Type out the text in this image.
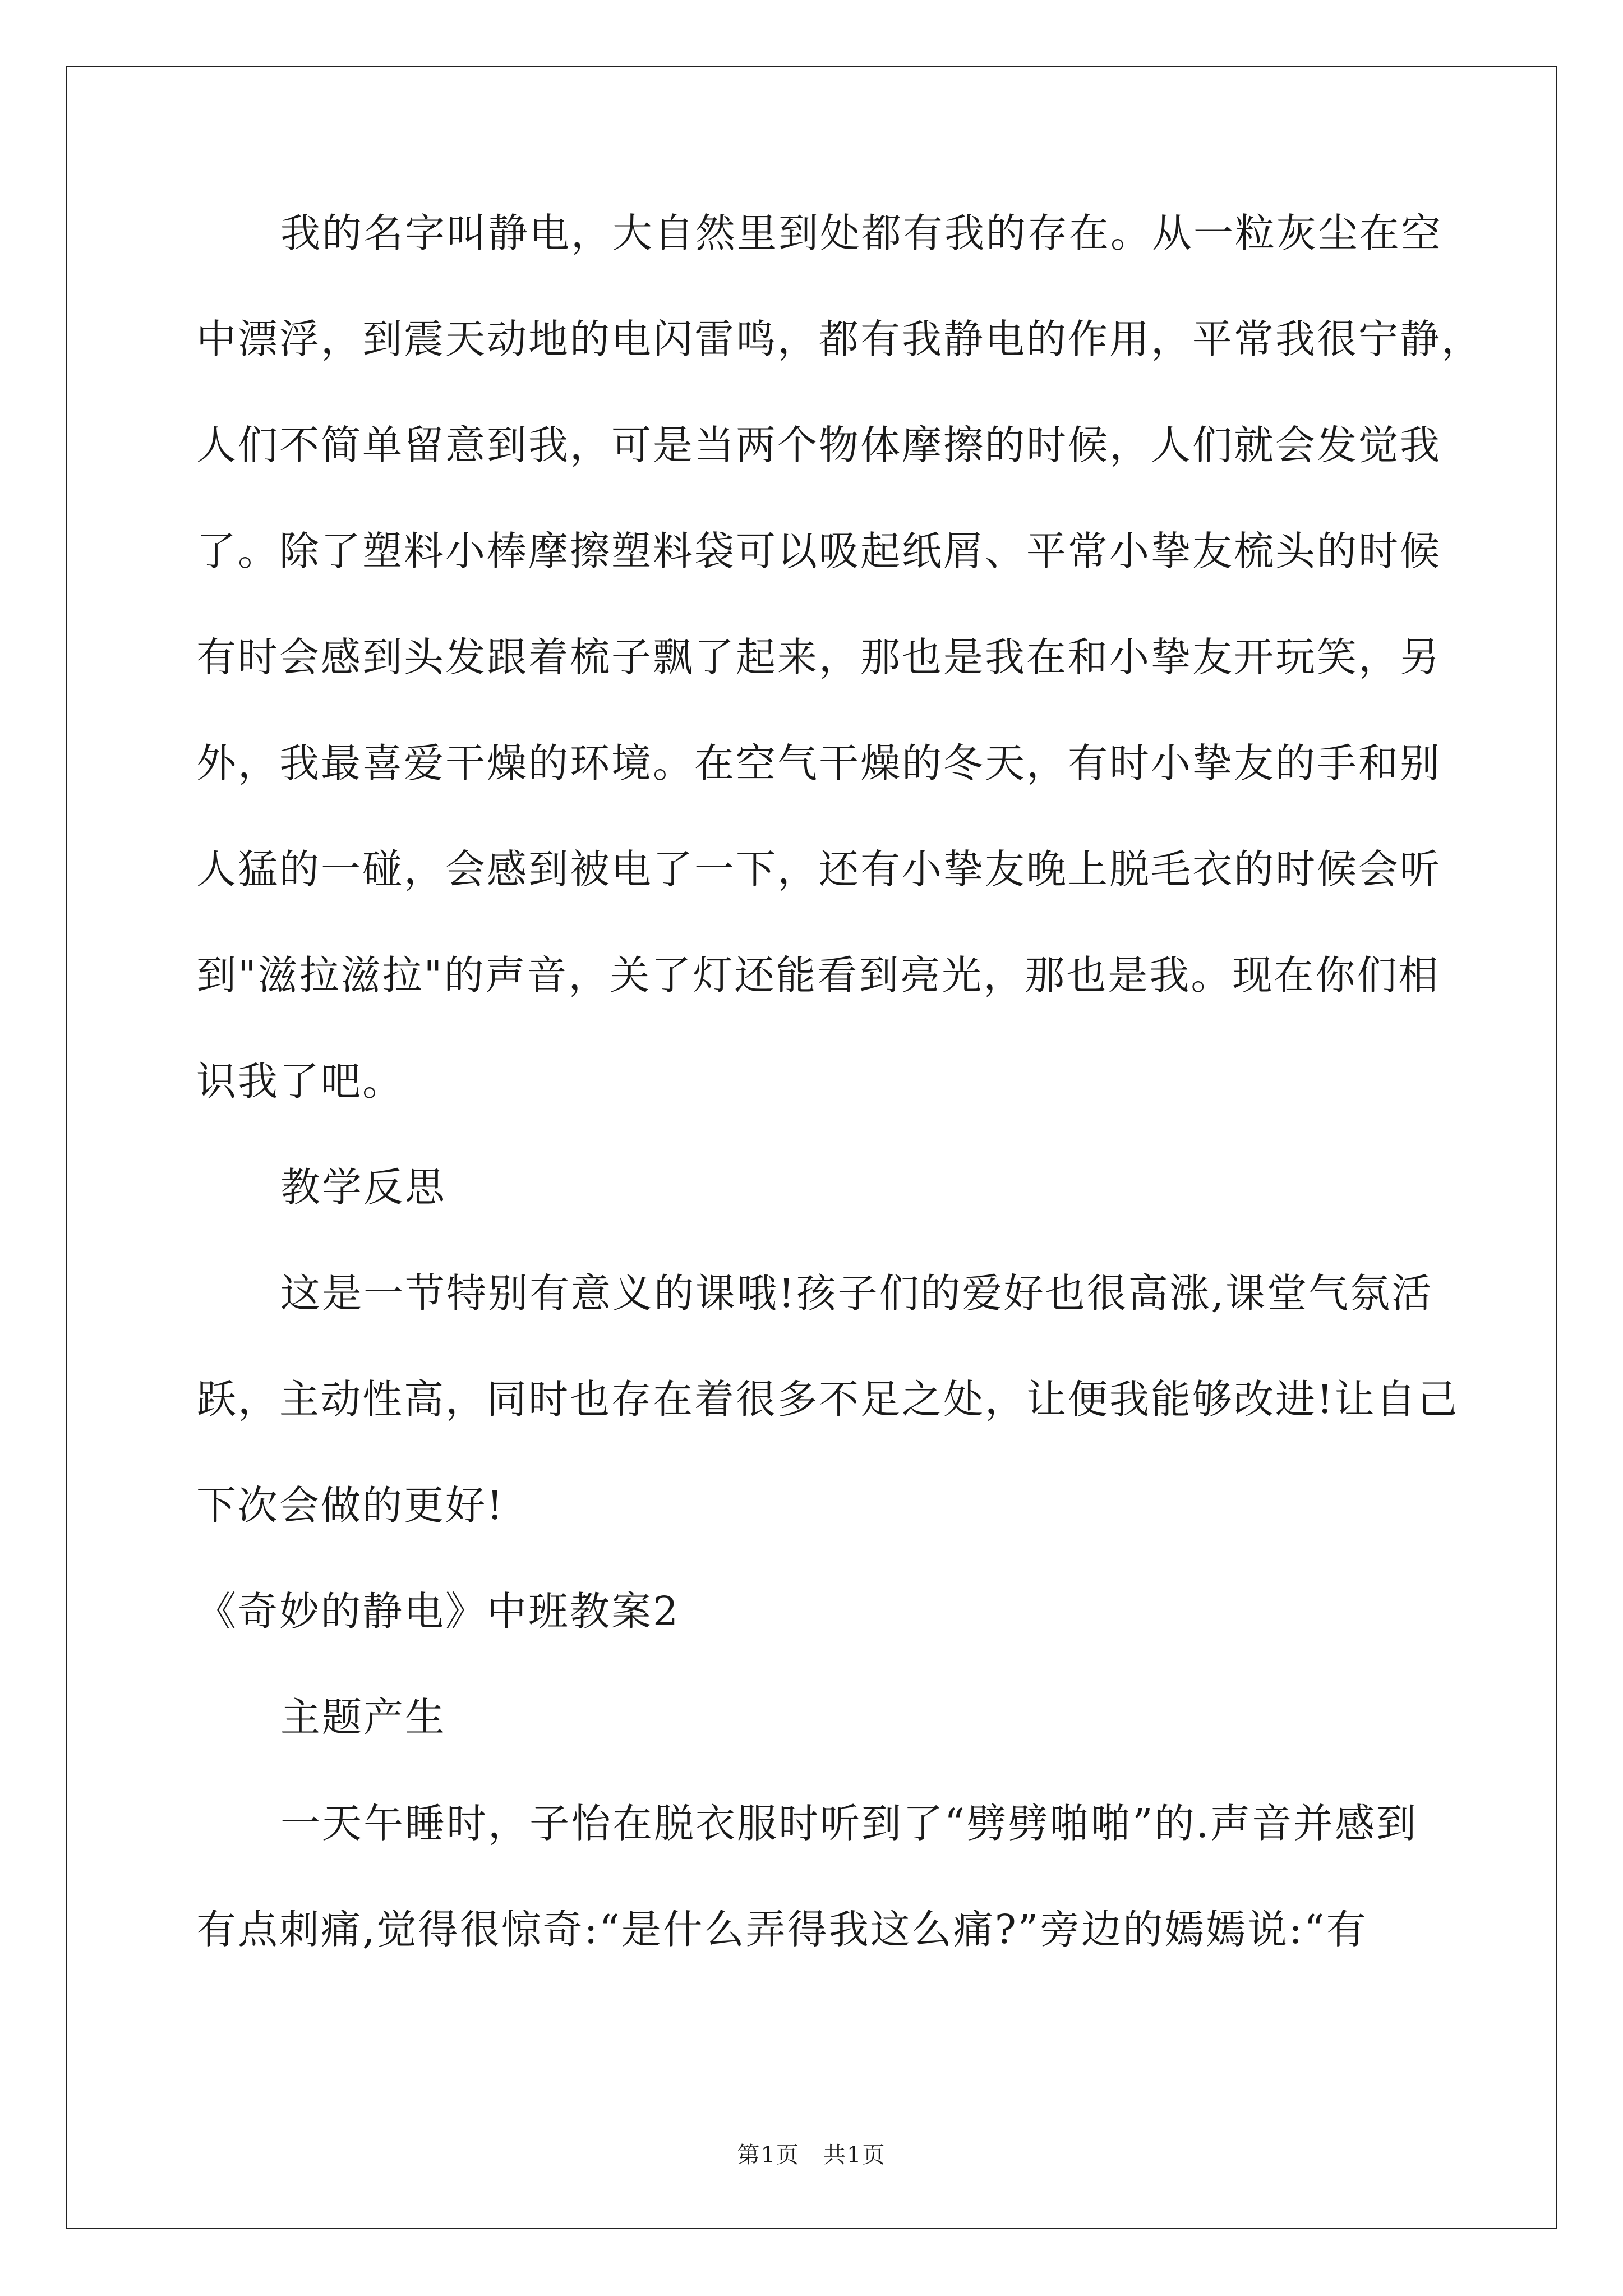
我的名字叫静电，大自然里到处都有我的存在。从一粒灰尘在空
中漂浮，到震天动地的电闪雷鸣，都有我静电的作用，平常我很宁静，
人们不简单留意到我，可是当两个物体摩擦的时候，人们就会发觉我
了。除了塑料小棒摩擦塑料袋可以吸起纸屑、平常小挚友梳头的时候
有时会感到头发跟着梳子飘了起来，那也是我在和小挚友开玩笑，另
外，我最喜爱干燥的环境。在空气干燥的冬天，有时小挚友的手和别
人猛的一碰，会感到被电了一下，还有小挚友晚上脱毛衣的时候会听
到"滋拉滋拉"的声音，关了灯还能看到亮光，那也是我。现在你们相
识我了吧。
教学反思
这是一节特别有意义的课哦!孩子们的爱好也很高涨,课堂气氛活
跃，主动性高，同时也存在着很多不足之处，让便我能够改进!让自己
下次会做的更好!
《奇妙的静电》中班教案2
主题产生
一天午睡时，子怡在脱衣服时听到了“劈劈啪啪”的.声音并感到
有点刺痛,觉得很惊奇:“是什么弄得我这么痛?”旁边的嫣嫣说:“有
第1页　共1页
